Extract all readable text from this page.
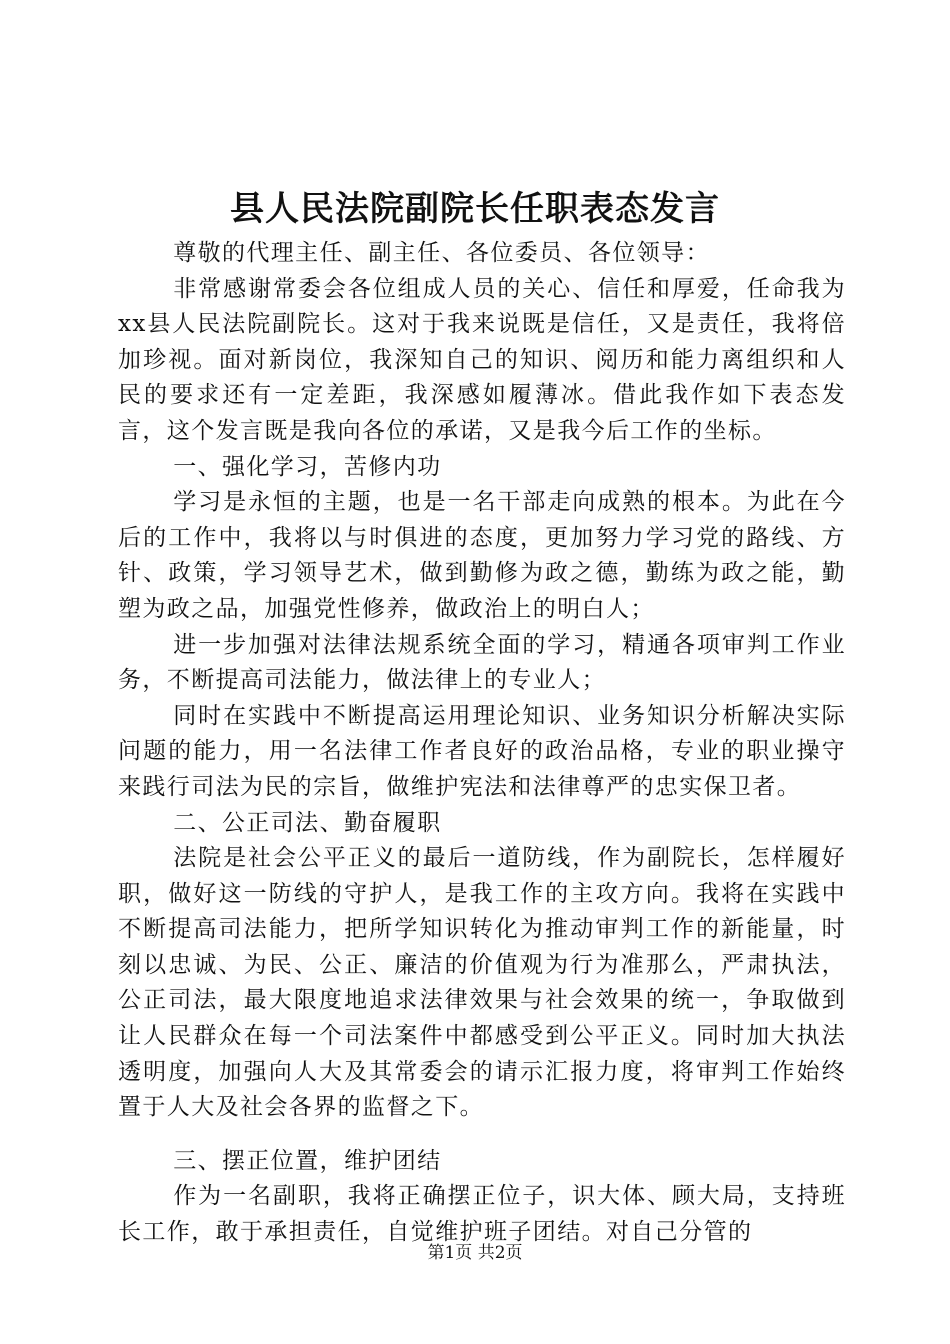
县人民法院副院长任职表态发言

尊敬的代理主任、副主任、各位委员、各位领导：

非常感谢常委会各位组成人员的关心、信任和厚爱，任命我为xx县人民法院副院长。这对于我来说既是信任，又是责任，我将倍加珍视。面对新岗位，我深知自己的知识、阅历和能力离组织和人民的要求还有一定差距，我深感如履薄冰。借此我作如下表态发言，这个发言既是我向各位的承诺，又是我今后工作的坐标。

一、强化学习，苦修内功

学习是永恒的主题，也是一名干部走向成熟的根本。为此在今后的工作中，我将以与时俱进的态度，更加努力学习党的路线、方针、政策，学习领导艺术，做到勤修为政之德，勤练为政之能，勤塑为政之品，加强党性修养，做政治上的明白人；

进一步加强对法律法规系统全面的学习，精通各项审判工作业务，不断提高司法能力，做法律上的专业人；

同时在实践中不断提高运用理论知识、业务知识分析解决实际问题的能力，用一名法律工作者良好的政治品格，专业的职业操守来践行司法为民的宗旨，做维护宪法和法律尊严的忠实保卫者。

二、公正司法、勤奋履职

法院是社会公平正义的最后一道防线，作为副院长，怎样履好职，做好这一防线的守护人，是我工作的主攻方向。我将在实践中不断提高司法能力，把所学知识转化为推动审判工作的新能量，时刻以忠诚、为民、公正、廉洁的价值观为行为准那么，严肃执法，公正司法，最大限度地追求法律效果与社会效果的统一，争取做到让人民群众在每一个司法案件中都感受到公平正义。同时加大执法透明度，加强向人大及其常委会的请示汇报力度，将审判工作始终置于人大及社会各界的监督之下。

三、摆正位置，维护团结

作为一名副职，我将正确摆正位子，识大体、顾大局，支持班长工作，敢于承担责任，自觉维护班子团结。对自己分管的

第1页 共2页
